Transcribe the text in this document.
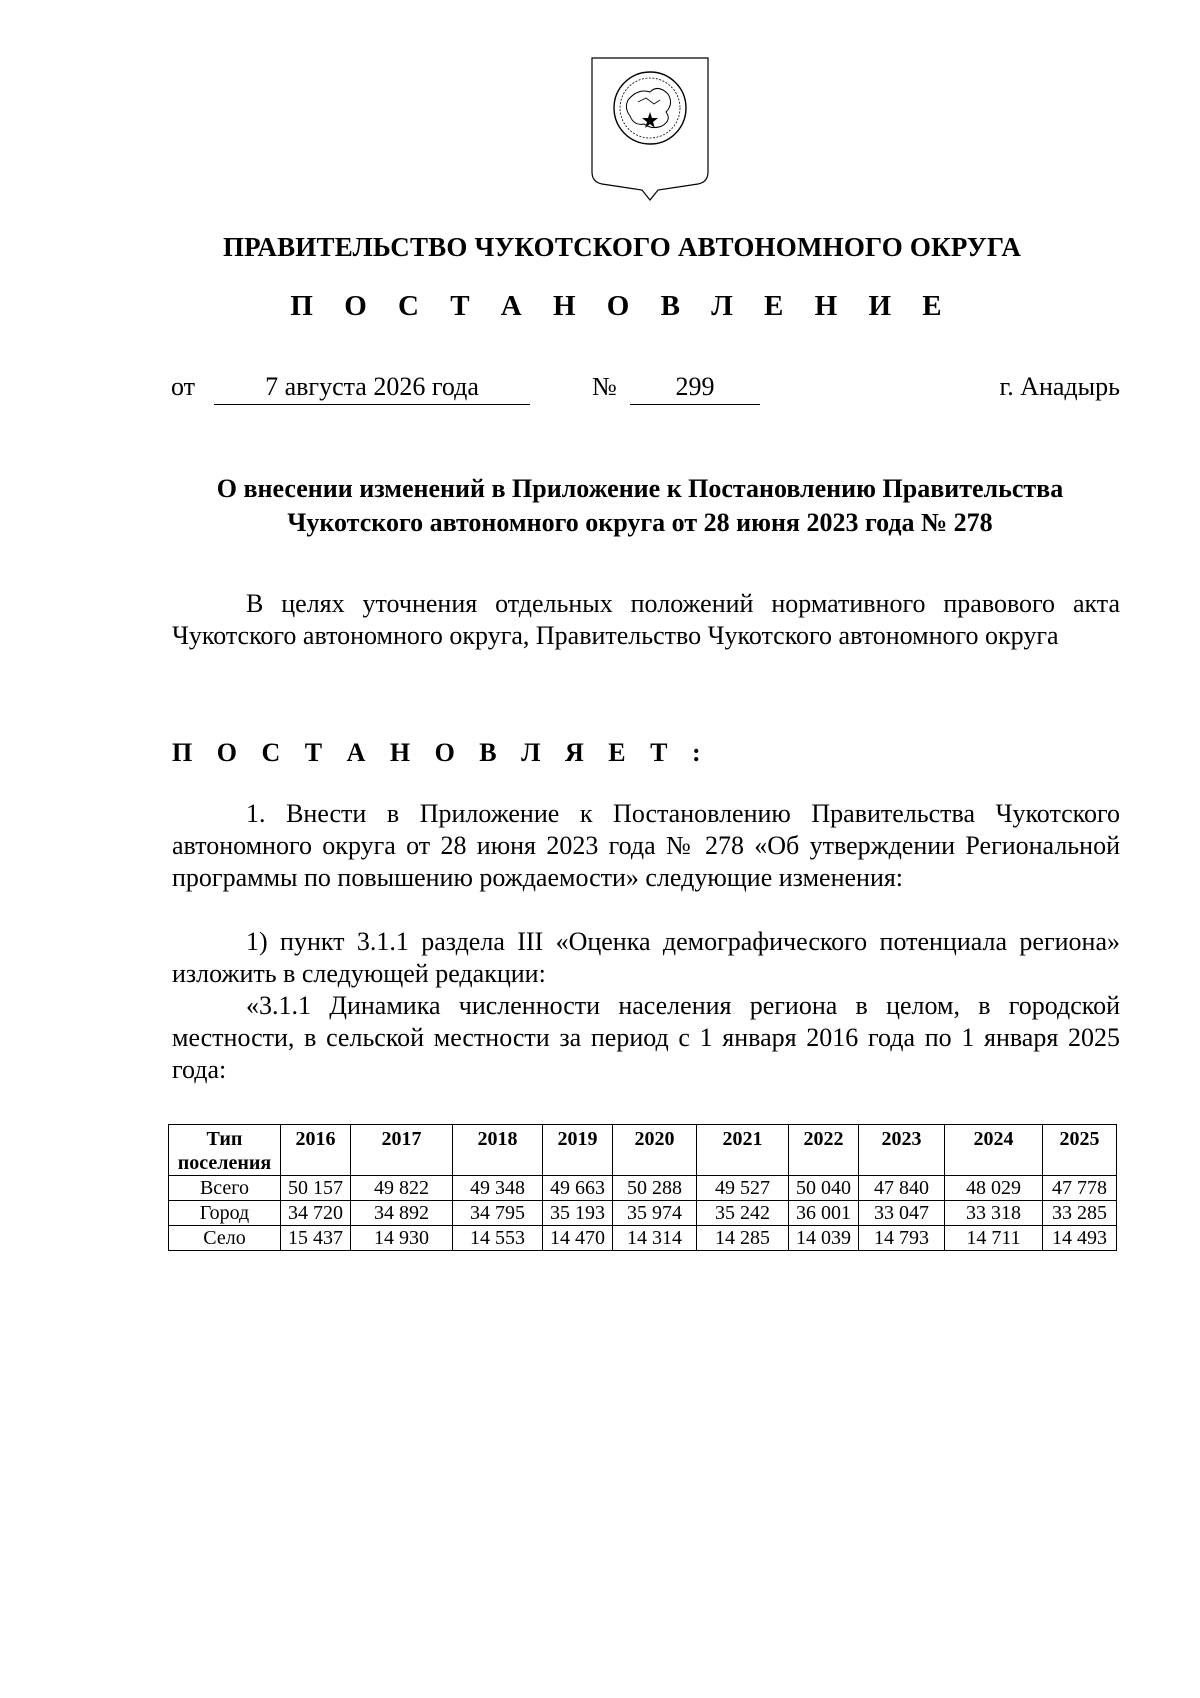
ПРАВИТЕЛЬСТВО ЧУКОТСКОГО АВТОНОМНОГО ОКРУГА
П О С Т А Н О В Л Е Н И Е
от	7 августа 2026 года	№	299	г. Анадырь
О внесении изменений в Приложение к Постановлению Правительства
Чукотского автономного округа от 28 июня 2023 года № 278

В целях уточнения отдельных положений нормативного правового акта Чукотского автономного округа, Правительство Чукотского автономного округа

П О С Т А Н О В Л Я Е Т :

1. Внести в Приложение к Постановлению Правительства Чукотского автономного округа от 28 июня 2023 года № 278 «Об утверждении Региональной программы по повышению рождаемости» следующие изменения:

1) пункт 3.1.1 раздела III «Оценка демографического потенциала региона» изложить в следующей редакции:

«3.1.1 Динамика численности населения региона в целом, в городской местности, в сельской местности за период с 1 января 2016 года по 1 января 2025 года:

Тип
поселения	2016	2017	2018	2019	2020	2021	2022	2023	2024	2025
Всего	50 157	49 822	49 348	49 663	50 288	49 527	50 040	47 840	48 029	47 778
Город	34 720	34 892	34 795	35 193	35 974	35 242	36 001	33 047	33 318	33 285
Село	15 437	14 930	14 553	14 470	14 314	14 285	14 039	14 793	14 711	14 493
